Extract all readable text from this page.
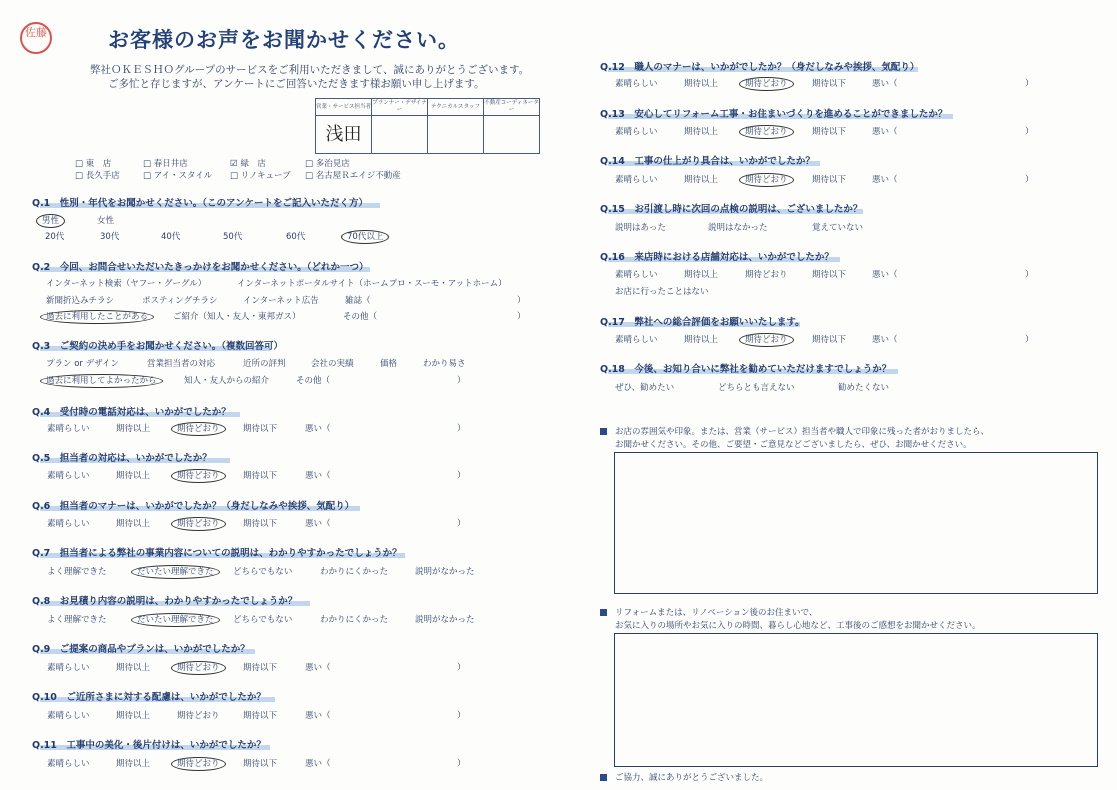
佐藤	お客様のお声をお聞かせください。
弊社ＯＫＥＳＨＯグループのサービスをご利用いただきまして、誠にありがとうございます。
ご多忙と存じますが、アンケートにご回答いただきます様お願い申し上げます。
営業・サービス担当者	プランナー・デザイナー	テクニカルスタッフ	不動産コーディネーター
浅田			
□ 東　店	□ 春日井店	☑ 緑　店	□ 多治見店
□ 長久手店	□ アイ・スタイル □ リノキューブ □ 名古屋Ｒエイジ不動産
Q.1　性別・年代をお聞かせください。（このアンケートをご記入いただく方）
男性	女性
20代	30代	40代	50代	60代	70代以上
Q.2　今回、お問合せいただいたきっかけをお聞かせください。（どれか一つ）
インターネット検索（ヤフー・グーグル）	インターネットポータルサイト（ホームプロ・スーモ・アットホーム）
新聞折込みチラシ	ポスティングチラシ	インターネット広告	雑誌（	）
過去に利用したことがある	ご紹介（知人・友人・東邦ガス）	その他（	）
Q.3　ご契約の決め手をお聞かせください。（複数回答可）
プラン or デザイン	営業担当者の対応	近所の評判	会社の実績	価格	わかり易さ
過去に利用してよかったから	知人・友人からの紹介	その他（	）
Q.4　受付時の電話対応は、いかがでしたか？
素晴らしい	期待以上	期待どおり	期待以下	悪い（	）
Q.5　担当者の対応は、いかがでしたか？
素晴らしい	期待以上	期待どおり	期待以下	悪い（	）
Q.6　担当者のマナーは、いかがでしたか？（身だしなみや挨拶、気配り）
素晴らしい	期待以上	期待どおり	期待以下	悪い（	）
Q.7　担当者による弊社の事業内容についての説明は、わかりやすかったでしょうか？
よく理解できた	だいたい理解できた	どちらでもない	わかりにくかった	説明がなかった
Q.8　お見積り内容の説明は、わかりやすかったでしょうか？
よく理解できた	だいたい理解できた	どちらでもない	わかりにくかった	説明がなかった
Q.9　ご提案の商品やプランは、いかがでしたか？
素晴らしい	期待以上	期待どおり	期待以下	悪い（	）
Q.10　ご近所さまに対する配慮は、いかがでしたか？
素晴らしい	期待以上	期待どおり	期待以下	悪い（	）
Q.11　工事中の美化・後片付けは、いかがでしたか？
素晴らしい	期待以上	期待どおり	期待以下	悪い（	）
Q.12　職人のマナーは、いかがでしたか？（身だしなみや挨拶、気配り）
素晴らしい	期待以上	期待どおり	期待以下	悪い（	）
Q.13　安心してリフォーム工事・お住まいづくりを進めることができましたか？
素晴らしい	期待以上	期待どおり	期待以下	悪い（	）
Q.14　工事の仕上がり具合は、いかがでしたか？
素晴らしい	期待以上	期待どおり	期待以下	悪い（	）
Q.15　お引渡し時に次回の点検の説明は、ございましたか？
説明はあった	説明はなかった	覚えていない
Q.16　来店時における店舗対応は、いかがでしたか？
素晴らしい	期待以上	期待どおり	期待以下	悪い（	）
お店に行ったことはない
Q.17　弊社への総合評価をお願いいたします。
素晴らしい	期待以上	期待どおり	期待以下	悪い（	）
Q.18　今後、お知り合いに弊社を勧めていただけますでしょうか？
ぜひ、勧めたい	どちらとも言えない	勧めたくない
お店の雰囲気や印象。または、営業（サービス）担当者や職人で印象に残った者がおりましたら、
お聞かせください。その他、ご要望・ご意見などございましたら、ぜひ、お聞かせください。
リフォームまたは、リノベーション後のお住まいで、
お気に入りの場所やお気に入りの時間、暮らし心地など、工事後のご感想をお聞かせください。
ご協力、誠にありがとうございました。
